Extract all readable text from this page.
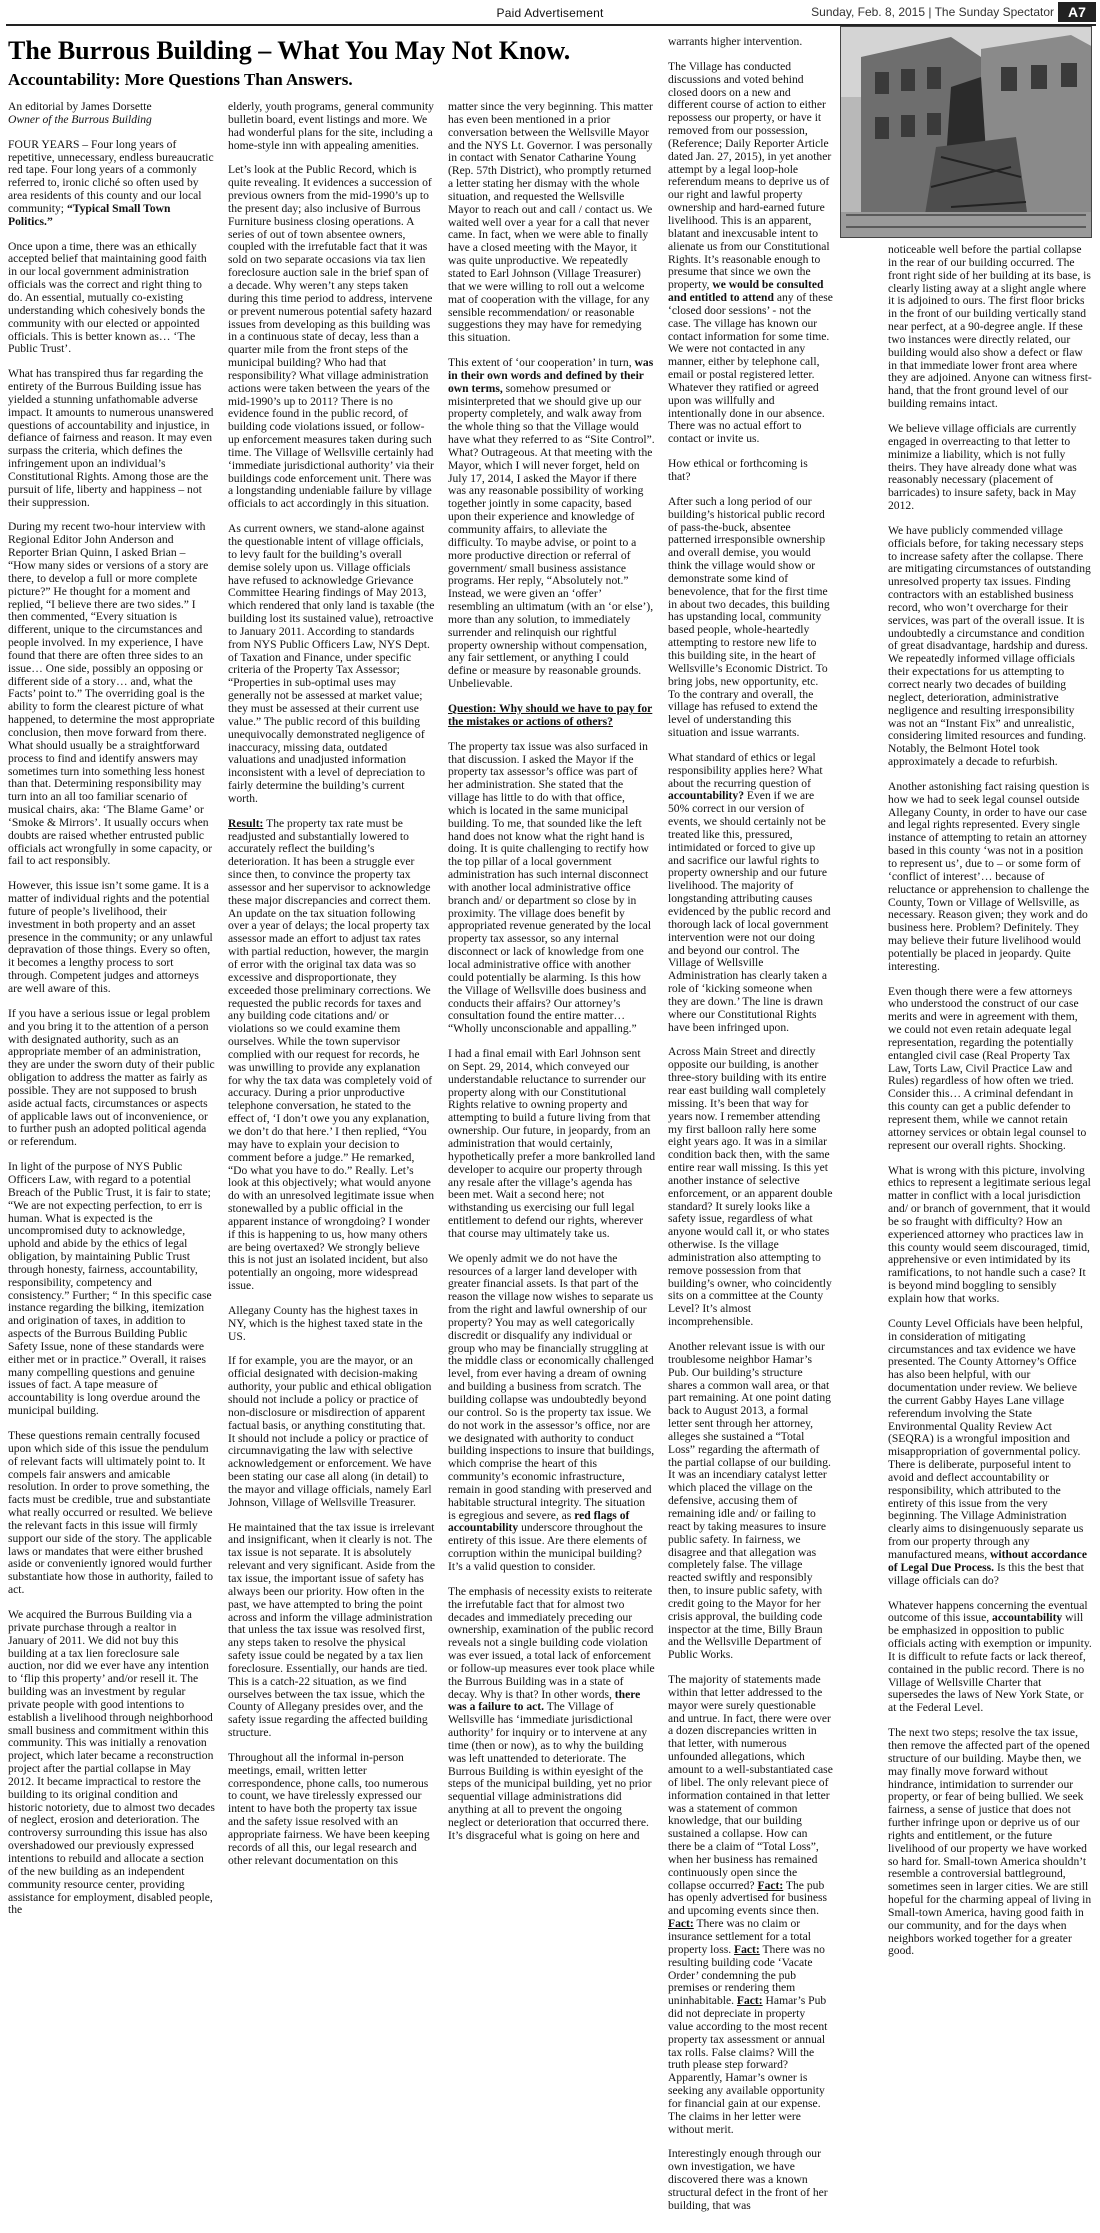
Paid Advertisement	Sunday, Feb. 8, 2015 | The Sunday Spectator	A7
The Burrous Building – What You May Not Know.
Accountability: More Questions Than Answers.

An editorial by James Dorsette
Owner of the Burrous Building

FOUR YEARS – Four long years of repetitive, unnecessary, endless bureaucratic red tape. Four long years of a commonly referred to, ironic cliché so often used by area residents of this county and our local community; “Typical Small Town Politics.”

Once upon a time, there was an ethically accepted belief that maintaining good faith in our local government administration officials was the correct and right thing to do. An essential, mutually co-existing understanding which cohesively bonds the community with our elected or appointed officials. This is better known as… ‘The Public Trust’.

What has transpired thus far regarding the entirety of the Burrous Building issue has yielded a stunning unfathomable adverse impact. It amounts to numerous unanswered questions of accountability and injustice, in defiance of fairness and reason. It may even surpass the criteria, which defines the infringement upon an individual’s Constitutional Rights. Among those are the pursuit of life, liberty and happiness – not their suppression.

During my recent two-hour interview with Regional Editor John Anderson and Reporter Brian Quinn, I asked Brian – “How many sides or versions of a story are there, to develop a full or more complete picture?” He thought for a moment and replied, “I believe there are two sides.” I then commented, “Every situation is different, unique to the circumstances and people involved. In my experience, I have found that there are often three sides to an issue… One side, possibly an opposing or different side of a story… and, what the Facts’ point to.” The overriding goal is the ability to form the clearest picture of what happened, to determine the most appropriate conclusion, then move forward from there. What should usually be a straightforward process to find and identify answers may sometimes turn into something less honest than that. Determining responsibility may turn into an all too familiar scenario of musical chairs, aka: ‘The Blame Game’ or ‘Smoke & Mirrors’. It usually occurs when doubts are raised whether entrusted public officials act wrongfully in some capacity, or fail to act responsibly.

However, this issue isn’t some game. It is a matter of individual rights and the potential future of people’s livelihood, their investment in both property and an asset presence in the community; or any unlawful depravation of those things. Every so often, it becomes a lengthy process to sort through. Competent judges and attorneys are well aware of this.

If you have a serious issue or legal problem and you bring it to the attention of a person with designated authority, such as an appropriate member of an administration, they are under the sworn duty of their public obligation to address the matter as fairly as possible. They are not supposed to brush aside actual facts, circumstances or aspects of applicable laws out of inconvenience, or to further push an adopted political agenda or referendum.

In light of the purpose of NYS Public Officers Law, with regard to a potential Breach of the Public Trust, it is fair to state; “We are not expecting perfection, to err is human. What is expected is the uncompromised duty to acknowledge, uphold and abide by the ethics of legal obligation, by maintaining Public Trust through honesty, fairness, accountability, responsibility, competency and consistency.” Further; “ In this specific case instance regarding the bilking, itemization and origination of taxes, in addition to aspects of the Burrous Building Public Safety Issue, none of these standards were either met or in practice.” Overall, it raises many compelling questions and genuine issues of fact. A tape measure of accountability is long overdue around the municipal building.

These questions remain centrally focused upon which side of this issue the pendulum of relevant facts will ultimately point to. It compels fair answers and amicable resolution. In order to prove something, the facts must be credible, true and substantiate what really occurred or resulted. We believe the relevant facts in this issue will firmly support our side of the story. The applicable laws or mandates that were either brushed aside or conveniently ignored would further substantiate how those in authority, failed to act.

We acquired the Burrous Building via a private purchase through a realtor in January of 2011. We did not buy this building at a tax lien foreclosure sale auction, nor did we ever have any intention to ‘flip this property’ and/or resell it. The building was an investment by regular private people with good intentions to establish a livelihood through neighborhood small business and commitment within this community. This was initially a renovation project, which later became a reconstruction project after the partial collapse in May 2012. It became impractical to restore the building to its original condition and historic notoriety, due to almost two decades of neglect, erosion and deterioration. The controversy surrounding this issue has also overshadowed our previously expressed intentions to rebuild and allocate a section of the new building as an independent community resource center, providing assistance for employment, disabled people, the

elderly, youth programs, general community bulletin board, event listings and more. We had wonderful plans for the site, including a home-style inn with appealing amenities.

Let’s look at the Public Record, which is quite revealing. It evidences a succession of previous owners from the mid-1990’s up to the present day; also inclusive of Burrous Furniture business closing operations. A series of out of town absentee owners, coupled with the irrefutable fact that it was sold on two separate occasions via tax lien foreclosure auction sale in the brief span of a decade. Why weren’t any steps taken during this time period to address, intervene or prevent numerous potential safety hazard issues from developing as this building was in a continuous state of decay, less than a quarter mile from the front steps of the municipal building? Who had that responsibility? What village administration actions were taken between the years of the mid-1990’s up to 2011? There is no evidence found in the public record, of building code violations issued, or follow-up enforcement measures taken during such time. The Village of Wellsville certainly had ‘immediate jurisdictional authority’ via their buildings code enforcement unit. There was a longstanding undeniable failure by village officials to act accordingly in this situation.

As current owners, we stand-alone against the questionable intent of village officials, to levy fault for the building’s overall demise solely upon us. Village officials have refused to acknowledge Grievance Committee Hearing findings of May 2013, which rendered that only land is taxable (the building lost its sustained value), retroactive to January 2011. According to standards from NYS Public Officers Law, NYS Dept. of Taxation and Finance, under specific criteria of the Property Tax Assessor; “Properties in sub-optimal uses may generally not be assessed at market value; they must be assessed at their current use value.” The public record of this building unequivocally demonstrated negligence of inaccuracy, missing data, outdated valuations and unadjusted information inconsistent with a level of depreciation to fairly determine the building’s current worth.

Result: The property tax rate must be readjusted and substantially lowered to accurately reflect the building’s deterioration. It has been a struggle ever since then, to convince the property tax assessor and her supervisor to acknowledge these major discrepancies and correct them. An update on the tax situation following over a year of delays; the local property tax assessor made an effort to adjust tax rates with partial reduction, however, the margin of error with the original tax data was so excessive and disproportionate, they exceeded those preliminary corrections. We requested the public records for taxes and any building code citations and/ or violations so we could examine them ourselves. While the town supervisor complied with our request for records, he was unwilling to provide any explanation for why the tax data was completely void of accuracy. During a prior unproductive telephone conversation, he stated to the effect of, ‘I don’t owe you any explanation, we don’t do that here.’ I then replied, “You may have to explain your decision to comment before a judge.” He remarked, “Do what you have to do.” Really. Let’s look at this objectively; what would anyone do with an unresolved legitimate issue when stonewalled by a public official in the apparent instance of wrongdoing? I wonder if this is happening to us, how many others are being overtaxed? We strongly believe this is not just an isolated incident, but also potentially an ongoing, more widespread issue.

Allegany County has the highest taxes in NY, which is the highest taxed state in the US.

If for example, you are the mayor, or an official designated with decision-making authority, your public and ethical obligation should not include a policy or practice of non-disclosure or misdirection of apparent factual basis, or anything constituting that. It should not include a policy or practice of circumnavigating the law with selective acknowledgement or enforcement. We have been stating our case all along (in detail) to the mayor and village officials, namely Earl Johnson, Village of Wellsville Treasurer.

He maintained that the tax issue is irrelevant and insignificant, when it clearly is not. The tax issue is not separate. It is absolutely relevant and very significant. Aside from the tax issue, the important issue of safety has always been our priority. How often in the past, we have attempted to bring the point across and inform the village administration that unless the tax issue was resolved first, any steps taken to resolve the physical safety issue could be negated by a tax lien foreclosure. Essentially, our hands are tied. This is a catch-22 situation, as we find ourselves between the tax issue, which the County of Allegany presides over, and the safety issue regarding the affected building structure.

Throughout all the informal in-person meetings, email, written letter correspondence, phone calls, too numerous to count, we have tirelessly expressed our intent to have both the property tax issue and the safety issue resolved with an appropriate fairness. We have been keeping records of all this, our legal research and other relevant documentation on this

matter since the very beginning. This matter has even been mentioned in a prior conversation between the Wellsville Mayor and the NYS Lt. Governor. I was personally in contact with Senator Catharine Young (Rep. 57th District), who promptly returned a letter stating her dismay with the whole situation, and requested the Wellsville Mayor to reach out and call / contact us. We waited well over a year for a call that never came. In fact, when we were able to finally have a closed meeting with the Mayor, it was quite unproductive. We repeatedly stated to Earl Johnson (Village Treasurer) that we were willing to roll out a welcome mat of cooperation with the village, for any sensible recommendation/ or reasonable suggestions they may have for remedying this situation.

This extent of ‘our cooperation’ in turn, was in their own words and defined by their own terms, somehow presumed or misinterpreted that we should give up our property completely, and walk away from the whole thing so that the Village would have what they referred to as “Site Control”. What? Outrageous. At that meeting with the Mayor, which I will never forget, held on July 17, 2014, I asked the Mayor if there was any reasonable possibility of working together jointly in some capacity, based upon their experience and knowledge of community affairs, to alleviate the difficulty. To maybe advise, or point to a more productive direction or referral of government/ small business assistance programs. Her reply, “Absolutely not.” Instead, we were given an ‘offer’ resembling an ultimatum (with an ‘or else’), more than any solution, to immediately surrender and relinquish our rightful property ownership without compensation, any fair settlement, or anything I could define or measure by reasonable grounds. Unbelievable.

Question: Why should we have to pay for the mistakes or actions of others?

The property tax issue was also surfaced in that discussion. I asked the Mayor if the property tax assessor’s office was part of her administration. She stated that the village has little to do with that office, which is located in the same municipal building. To me, that sounded like the left hand does not know what the right hand is doing. It is quite challenging to rectify how the top pillar of a local government administration has such internal disconnect with another local administrative office branch and/ or department so close by in proximity. The village does benefit by appropriated revenue generated by the local property tax assessor, so any internal disconnect or lack of knowledge from one local administrative office with another could potentially be alarming. Is this how the Village of Wellsville does business and conducts their affairs? Our attorney’s consultation found the entire matter… “Wholly unconscionable and appalling.”

I had a final email with Earl Johnson sent on Sept. 29, 2014, which conveyed our understandable reluctance to surrender our property along with our Constitutional Rights relative to owning property and attempting to build a future living from that ownership. Our future, in jeopardy, from an administration that would certainly, hypothetically prefer a more bankrolled land developer to acquire our property through any resale after the village’s agenda has been met. Wait a second here; not withstanding us exercising our full legal entitlement to defend our rights, wherever that course may ultimately take us.

We openly admit we do not have the resources of a larger land developer with greater financial assets. Is that part of the reason the village now wishes to separate us from the right and lawful ownership of our property? You may as well categorically discredit or disqualify any individual or group who may be financially struggling at the middle class or economically challenged level, from ever having a dream of owning and building a business from scratch. The building collapse was undoubtedly beyond our control. So is the property tax issue. We do not work in the assessor’s office, nor are we designated with authority to conduct building inspections to insure that buildings, which comprise the heart of this community’s economic infrastructure, remain in good standing with preserved and habitable structural integrity. The situation is egregious and severe, as red flags of accountability underscore throughout the entirety of this issue. Are there elements of corruption within the municipal building? It’s a valid question to consider.

The emphasis of necessity exists to reiterate the irrefutable fact that for almost two decades and immediately preceding our ownership, examination of the public record reveals not a single building code violation was ever issued, a total lack of enforcement or follow-up measures ever took place while the Burrous Building was in a state of decay. Why is that? In other words, there was a failure to act. The Village of Wellsville has ‘immediate jurisdictional authority’ for inquiry or to intervene at any time (then or now), as to why the building was left unattended to deteriorate. The Burrous Building is within eyesight of the steps of the municipal building, yet no prior sequential village administrations did anything at all to prevent the ongoing neglect or deterioration that occurred there. It’s disgraceful what is going on here and

warrants higher intervention.

The Village has conducted discussions and voted behind closed doors on a new and different course of action to either repossess our property, or have it removed from our possession, (Reference; Daily Reporter Article dated Jan. 27, 2015), in yet another attempt by a legal loop-hole referendum means to deprive us of our right and lawful property ownership and hard-earned future livelihood. This is an apparent, blatant and inexcusable intent to alienate us from our Constitutional Rights. It’s reasonable enough to presume that since we own the property, we would be consulted and entitled to attend any of these ‘closed door sessions’ - not the case. The village has known our contact information for some time. We were not contacted in any manner, either by telephone call, email or postal registered letter. Whatever they ratified or agreed upon was willfully and intentionally done in our absence. There was no actual effort to contact or invite us.

How ethical or forthcoming is that?

After such a long period of our building’s historical public record of pass-the-buck, absentee patterned irresponsible ownership and overall demise, you would think the village would show or demonstrate some kind of benevolence, that for the first time in about two decades, this building has upstanding local, community based people, whole-heartedly attempting to restore new life to this building site, in the heart of Wellsville’s Economic District. To bring jobs, new opportunity, etc. To the contrary and overall, the village has refused to extend the level of understanding this situation and issue warrants.

What standard of ethics or legal responsibility applies here? What about the recurring question of accountability? Even if we are 50% correct in our version of events, we should certainly not be treated like this, pressured, intimidated or forced to give up and sacrifice our lawful rights to property ownership and our future livelihood. The majority of longstanding attributing causes evidenced by the public record and thorough lack of local government intervention were not our doing and beyond our control. The Village of Wellsville Administration has clearly taken a role of ‘kicking someone when they are down.’ The line is drawn where our Constitutional Rights have been infringed upon.

Across Main Street and directly opposite our building, is another three-story building with its entire rear east building wall completely missing. It’s been that way for years now. I remember attending my first balloon rally here some eight years ago. It was in a similar condition back then, with the same entire rear wall missing. Is this yet another instance of selective enforcement, or an apparent double standard? It surely looks like a safety issue, regardless of what anyone would call it, or who states otherwise. Is the village administration also attempting to remove possession from that building’s owner, who coincidently sits on a committee at the County Level? It’s almost incomprehensible.

Another relevant issue is with our troublesome neighbor Hamar’s Pub. Our building’s structure shares a common wall area, or that part remaining. At one point dating back to August 2013, a formal letter sent through her attorney, alleges she sustained a “Total Loss” regarding the aftermath of the partial collapse of our building. It was an incendiary catalyst letter which placed the village on the defensive, accusing them of remaining idle and/ or failing to react by taking measures to insure public safety. In fairness, we disagree and that allegation was completely false. The village reacted swiftly and responsibly then, to insure public safety, with credit going to the Mayor for her crisis approval, the building code inspector at the time, Billy Braun and the Wellsville Department of Public Works.

The majority of statements made within that letter addressed to the mayor were surely questionable and untrue. In fact, there were over a dozen discrepancies written in that letter, with numerous unfounded allegations, which amount to a well-substantiated case of libel. The only relevant piece of information contained in that letter was a statement of common knowledge, that our building sustained a collapse. How can there be a claim of “Total Loss”, when her business has remained continuously open since the collapse occurred? Fact: The pub has openly advertised for business and upcoming events since then. Fact: There was no claim or insurance settlement for a total property loss. Fact: There was no resulting building code ‘Vacate Order’ condemning the pub premises or rendering them uninhabitable. Fact: Hamar’s Pub did not depreciate in property value according to the most recent property tax assessment or annual tax rolls. False claims? Will the truth please step forward? Apparently, Hamar’s owner is seeking any available opportunity for financial gain at our expense. The claims in her letter were without merit.

Interestingly enough through our own investigation, we have discovered there was a known structural defect in the front of her building, that was

noticeable well before the partial collapse in the rear of our building occurred. The front right side of her building at its base, is clearly listing away at a slight angle where it is adjoined to ours. The first floor bricks in the front of our building vertically stand near perfect, at a 90-degree angle. If these two instances were directly related, our building would also show a defect or flaw in that immediate lower front area where they are adjoined. Anyone can witness first-hand, that the front ground level of our building remains intact.

We believe village officials are currently engaged in overreacting to that letter to minimize a liability, which is not fully theirs. They have already done what was reasonably necessary (placement of barricades) to insure safety, back in May 2012.

We have publicly commended village officials before, for taking necessary steps to increase safety after the collapse. There are mitigating circumstances of outstanding unresolved property tax issues. Finding contractors with an established business record, who won’t overcharge for their services, was part of the overall issue. It is undoubtedly a circumstance and condition of great disadvantage, hardship and duress. We repeatedly informed village officials their expectations for us attempting to correct nearly two decades of building neglect, deterioration, administrative negligence and resulting irresponsibility was not an “Instant Fix” and unrealistic, considering limited resources and funding. Notably, the Belmont Hotel took approximately a decade to refurbish.

Another astonishing fact raising question is how we had to seek legal counsel outside Allegany County, in order to have our case and legal rights represented. Every single instance of attempting to retain an attorney based in this county ‘was not in a position to represent us’, due to – or some form of ‘conflict of interest’… because of reluctance or apprehension to challenge the County, Town or Village of Wellsville, as necessary. Reason given; they work and do business here. Problem? Definitely. They may believe their future livelihood would potentially be placed in jeopardy. Quite interesting.

Even though there were a few attorneys who understood the construct of our case merits and were in agreement with them, we could not even retain adequate legal representation, regarding the potentially entangled civil case (Real Property Tax Law, Torts Law, Civil Practice Law and Rules) regardless of how often we tried. Consider this… A criminal defendant in this county can get a public defender to represent them, while we cannot retain attorney services or obtain legal counsel to represent our overall rights. Shocking.

What is wrong with this picture, involving ethics to represent a legitimate serious legal matter in conflict with a local jurisdiction and/ or branch of government, that it would be so fraught with difficulty? How an experienced attorney who practices law in this county would seem discouraged, timid, apprehensive or even intimidated by its ramifications, to not handle such a case? It is beyond mind boggling to sensibly explain how that works.

County Level Officials have been helpful, in consideration of mitigating circumstances and tax evidence we have presented. The County Attorney’s Office has also been helpful, with our documentation under review. We believe the current Gabby Hayes Lane village referendum involving the State Environmental Quality Review Act (SEQRA) is a wrongful imposition and misappropriation of governmental policy. There is deliberate, purposeful intent to avoid and deflect accountability or responsibility, which attributed to the entirety of this issue from the very beginning. The Village Administration clearly aims to disingenuously separate us from our property through any manufactured means, without accordance of Legal Due Process. Is this the best that village officials can do?

Whatever happens concerning the eventual outcome of this issue, accountability will be emphasized in opposition to public officials acting with exemption or impunity. It is difficult to refute facts or lack thereof, contained in the public record. There is no Village of Wellsville Charter that supersedes the laws of New York State, or at the Federal Level.

The next two steps; resolve the tax issue, then remove the affected part of the opened structure of our building. Maybe then, we may finally move forward without hindrance, intimidation to surrender our property, or fear of being bullied. We seek fairness, a sense of justice that does not further infringe upon or deprive us of our rights and entitlement, or the future livelihood of our property we have worked so hard for. Small-town America shouldn’t resemble a controversial battleground, sometimes seen in larger cities. We are still hopeful for the charming appeal of living in Small-town America, having good faith in our community, and for the days when neighbors worked together for a greater good.
